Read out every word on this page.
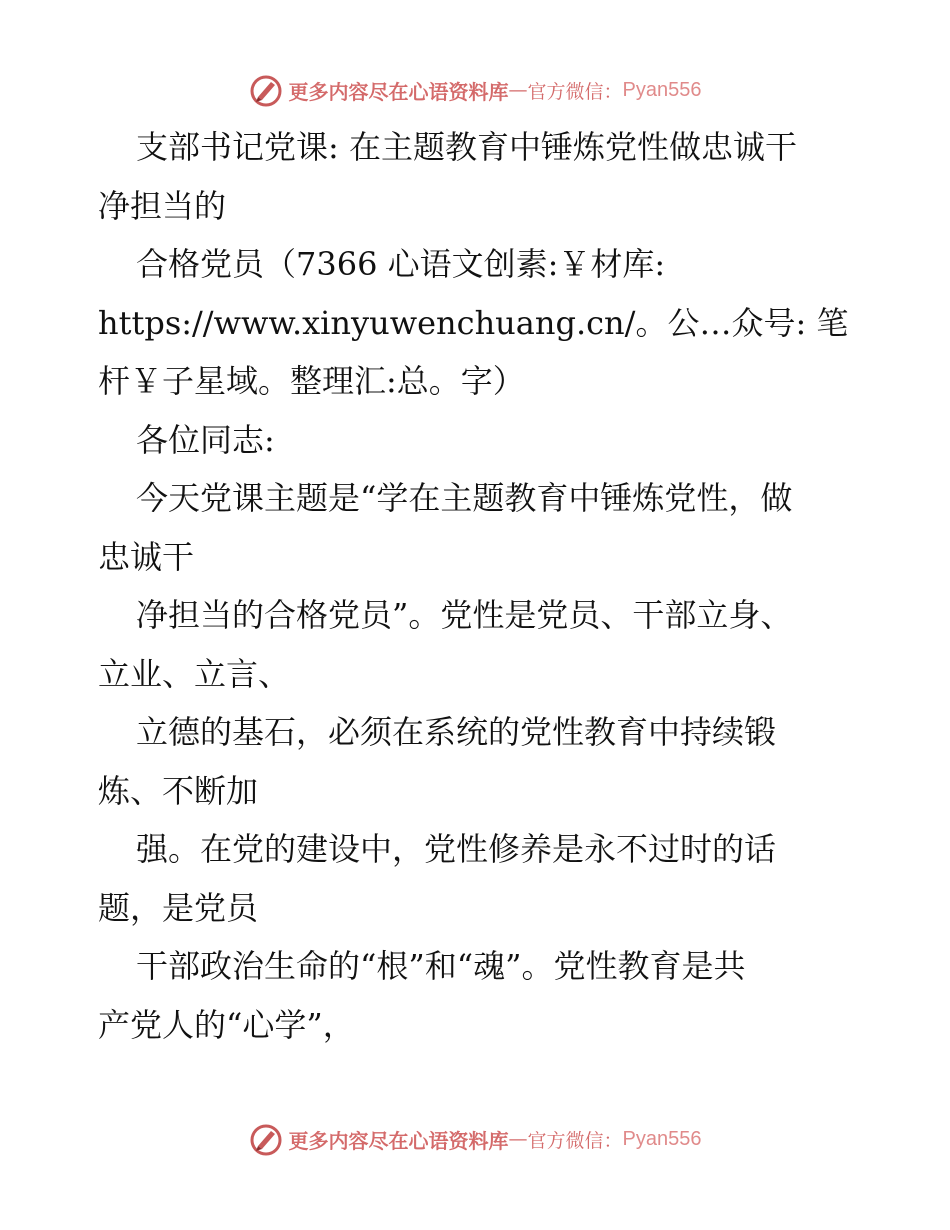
更多内容尽在心语资料库 — 官方微信： Pyan556
支部书记党课: 在主题教育中锤炼党性做忠诚干
净担当的
合格党员（7366 心语文创素:￥材库:
https://www.xinyuwenchuang.cn/。公…众号: 笔
杆￥子星域。整理汇:总。字）
各位同志:
今天党课主题是“学在主题教育中锤炼党性，做
忠诚干
净担当的合格党员”。党性是党员、干部立身、
立业、立言、
立德的基石，必须在系统的党性教育中持续锻
炼、不断加
强。在党的建设中，党性修养是永不过时的话
题，是党员
干部政治生命的“根”和“魂”。党性教育是共
产党人的“心学”，
更多内容尽在心语资料库 — 官方微信： Pyan556
